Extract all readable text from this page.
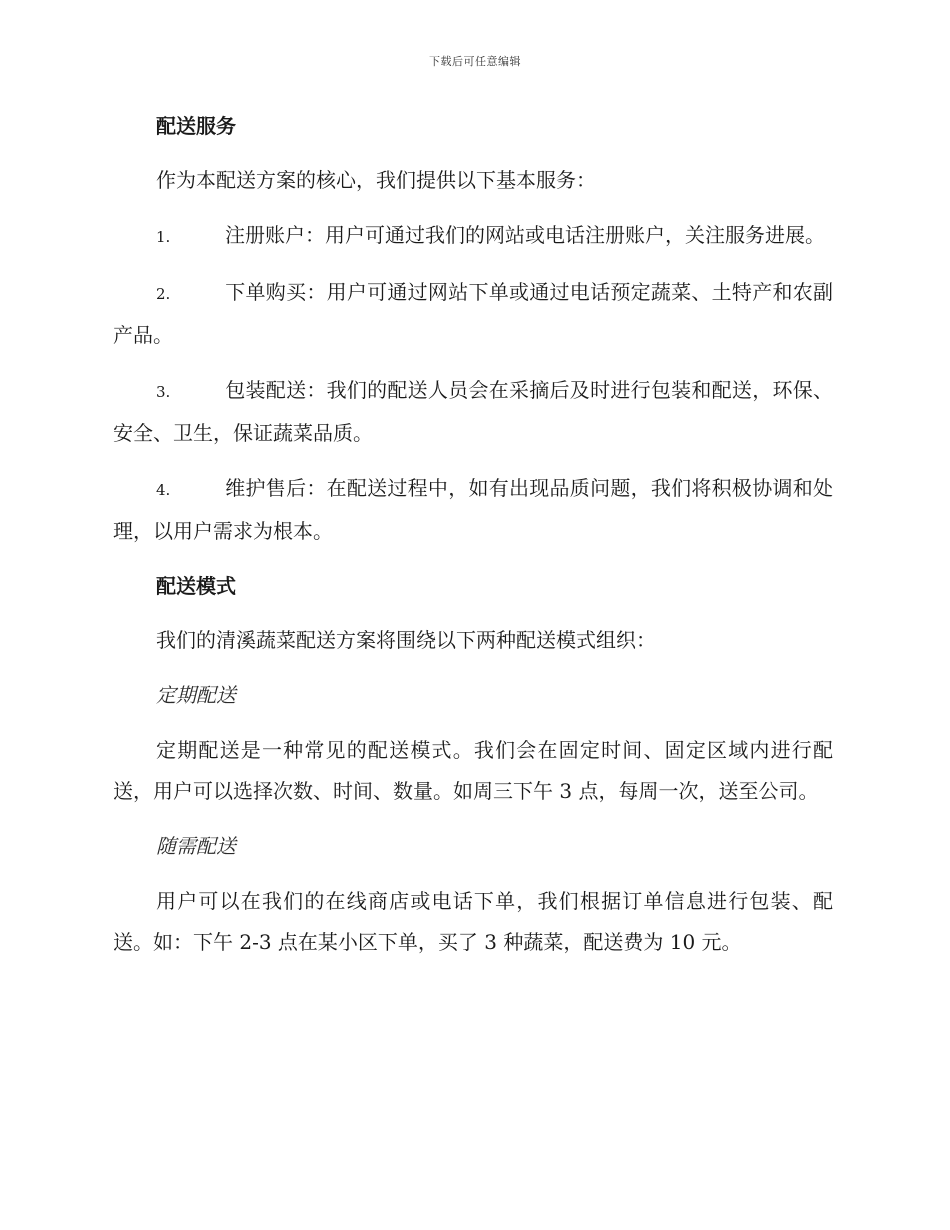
下载后可任意编辑
配送服务

作为本配送方案的核心，我们提供以下基本服务：

1.	注册账户：用户可通过我们的网站或电话注册账户，关注服务进展。

2.	下单购买：用户可通过网站下单或通过电话预定蔬菜、土特产和农副产品。

3.	包装配送：我们的配送人员会在采摘后及时进行包装和配送，环保、安全、卫生，保证蔬菜品质。

4.	维护售后：在配送过程中，如有出现品质问题，我们将积极协调和处理，以用户需求为根本。

配送模式

我们的清溪蔬菜配送方案将围绕以下两种配送模式组织：

定期配送

定期配送是一种常见的配送模式。我们会在固定时间、固定区域内进行配送，用户可以选择次数、时间、数量。如周三下午 3 点，每周一次，送至公司。

随需配送

用户可以在我们的在线商店或电话下单，我们根据订单信息进行包装、配送。如：下午 2-3 点在某小区下单，买了 3 种蔬菜，配送费为 10 元。
